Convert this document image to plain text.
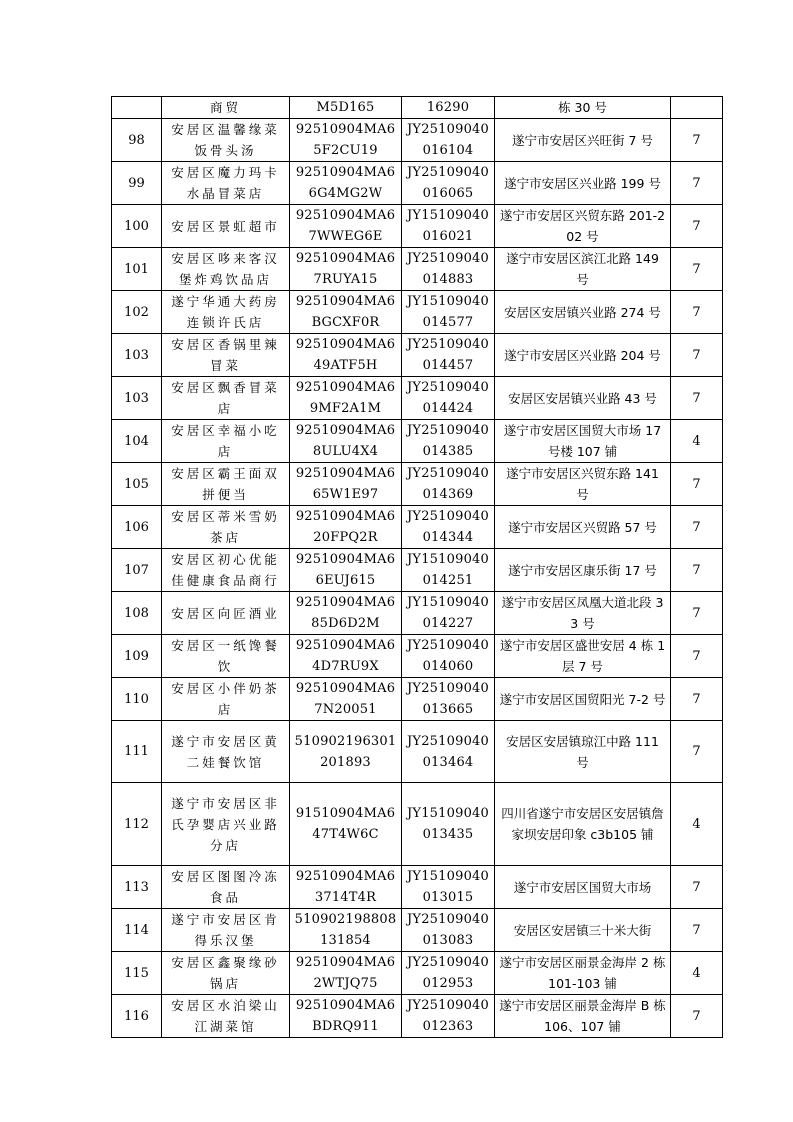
	商贸	M5D165	16290	栋 30 号	
98	安居区温馨缘菜饭骨头汤	92510904MA65F2CU19	JY25109040016104	遂宁市安居区兴旺街 7 号	7
99	安居区魔力玛卡水晶冒菜店	92510904MA66G4MG2W	JY25109040016065	遂宁市安居区兴业路 199 号	7
100	安居区景虹超市	92510904MA67WWEG6E	JY15109040016021	遂宁市安居区兴贸东路 201-202 号	7
101	安居区哆来客汉堡炸鸡饮品店	92510904MA67RUYA15	JY25109040014883	遂宁市安居区滨江北路 149 号	7
102	遂宁华通大药房连锁许氏店	92510904MA6BGCXF0R	JY15109040014577	安居区安居镇兴业路 274 号	7
103	安居区香锅里辣冒菜	92510904MA649ATF5H	JY25109040014457	遂宁市安居区兴业路 204 号	7
103	安居区飘香冒菜店	92510904MA69MF2A1M	JY25109040014424	安居区安居镇兴业路 43 号	7
104	安居区幸福小吃店	92510904MA68ULU4X4	JY25109040014385	遂宁市安居区国贸大市场 17 号楼 107 铺	4
105	安居区霸王面双拼便当	92510904MA665W1E97	JY25109040014369	遂宁市安居区兴贸东路 141 号	7
106	安居区蒂米雪奶茶店	92510904MA620FPQ2R	JY25109040014344	遂宁市安居区兴贸路 57 号	7
107	安居区初心优能佳健康食品商行	92510904MA66EUJ615	JY15109040014251	遂宁市安居区康乐街 17 号	7
108	安居区向匠酒业	92510904MA685D6D2M	JY15109040014227	遂宁市安居区凤凰大道北段 33 号	7
109	安居区一纸馋餐饮	92510904MA64D7RU9X	JY25109040014060	遂宁市安居区盛世安居 4 栋 1 层 7 号	7
110	安居区小伴奶茶店	92510904MA67N20051	JY25109040013665	遂宁市安居区国贸阳光 7-2 号	7
111	遂宁市安居区黄二娃餐饮馆	510902196301201893	JY25109040013464	安居区安居镇琼江中路 111 号	7
112	遂宁市安居区非氏孕婴店兴业路分店	91510904MA647T4W6C	JY15109040013435	四川省遂宁市安居区安居镇詹家坝安居印象 c3b105 铺	4
113	安居区图图冷冻食品	92510904MA63714T4R	JY15109040013015	遂宁市安居区国贸大市场	7
114	遂宁市安居区肯得乐汉堡	510902198808131854	JY25109040013083	安居区安居镇三十米大街	7
115	安居区鑫聚缘砂锅店	92510904MA62WTJQ75	JY25109040012953	遂宁市安居区丽景金海岸 2 栋 101-103 铺	4
116	安居区水泊梁山江湖菜馆	92510904MA6BDRQ911	JY25109040012363	遂宁市安居区丽景金海岸 B 栋 106、107 铺	7
